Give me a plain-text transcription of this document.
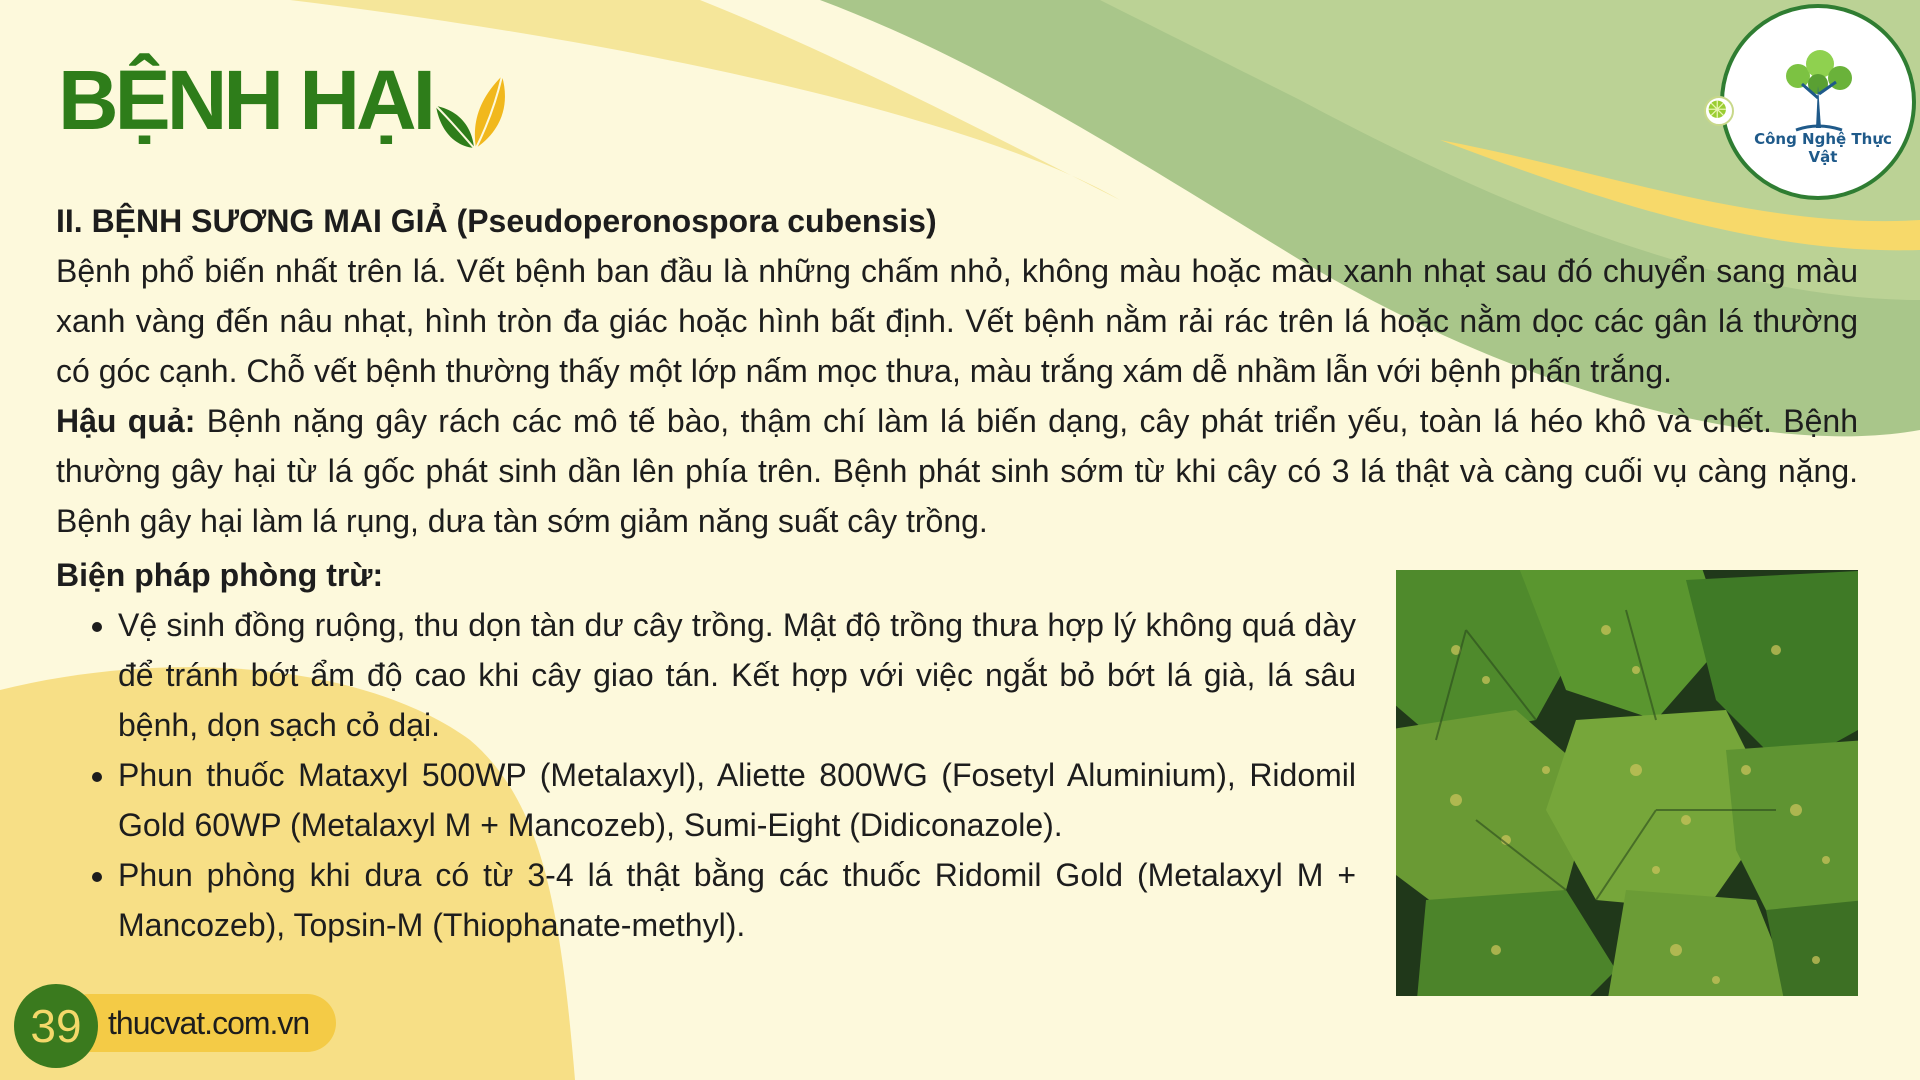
BỆNH HẠI	Công Nghệ Thực Vật

II. BỆNH SƯƠNG MAI GIẢ (Pseudoperonospora cubensis)

Bệnh phổ biến nhất trên lá. Vết bệnh ban đầu là những chấm nhỏ, không màu hoặc màu xanh nhạt sau đó chuyển sang màu xanh vàng đến nâu nhạt, hình tròn đa giác hoặc hình bất định. Vết bệnh nằm rải rác trên lá hoặc nằm dọc các gân lá thường có góc cạnh. Chỗ vết bệnh thường thấy một lớp nấm mọc thưa, màu trắng xám dễ nhầm lẫn với bệnh phấn trắng.

Hậu quả: Bệnh nặng gây rách các mô tế bào, thậm chí làm lá biến dạng, cây phát triển yếu, toàn lá héo khô và chết. Bệnh thường gây hại từ lá gốc phát sinh dần lên phía trên. Bệnh phát sinh sớm từ khi cây có 3 lá thật và càng cuối vụ càng nặng. Bệnh gây hại làm lá rụng, dưa tàn sớm giảm năng suất cây trồng.

Biện pháp phòng trừ:
• Vệ sinh đồng ruộng, thu dọn tàn dư cây trồng. Mật độ trồng thưa hợp lý không quá dày để tránh bớt ẩm độ cao khi cây giao tán. Kết hợp với việc ngắt bỏ bớt lá già, lá sâu bệnh, dọn sạch cỏ dại.
• Phun thuốc Mataxyl 500WP (Metalaxyl), Aliette 800WG (Fosetyl Aluminium), Ridomil Gold 60WP (Metalaxyl M + Mancozeb), Sumi-Eight (Didiconazole).
• Phun phòng khi dưa có từ 3-4 lá thật bằng các thuốc Ridomil Gold (Metalaxyl M + Mancozeb), Topsin-M (Thiophanate-methyl).
39 thucvat.com.vn
